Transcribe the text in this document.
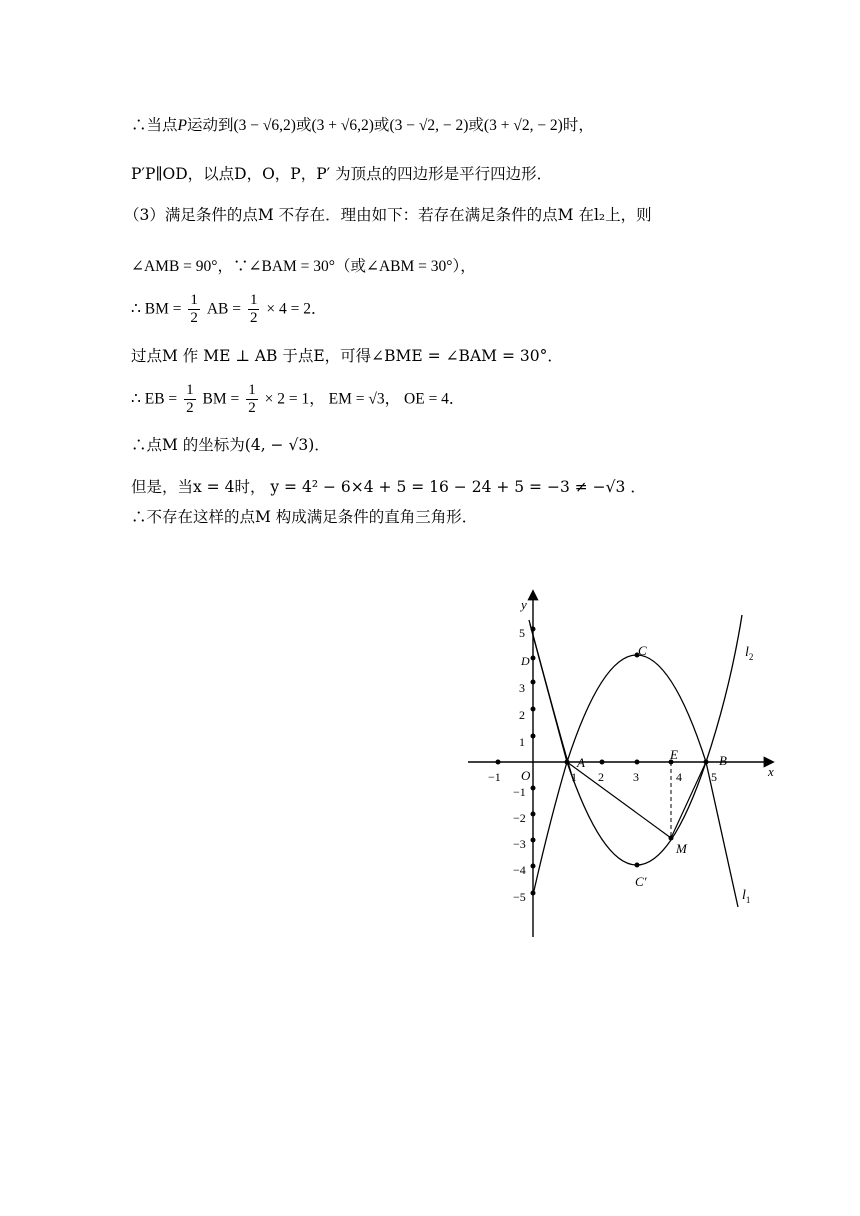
∴当点P运动到(3 − √6,2)或(3 + √6,2)或(3 − √2, − 2)或(3 + √2, − 2)时，
P′P∥OD，以点D，O，P，P′ 为顶点的四边形是平行四边形．
（3）满足条件的点M 不存在．理由如下：若存在满足条件的点M 在l₂上，则
∠AMB = 90°，∵∠BAM = 30°（或∠ABM = 30°），
∴ BM = $\frac{1}{2}$ AB = $\frac{1}{2} \times 4 = 2$．
过点M 作 ME ⊥ AB 于点E，可得∠BME = ∠BAM = 30°．
∴ EB = $\frac{1}{2}$ BM = $\frac{1}{2} \times 2 = 1$， EM = √3， OE = 4．
∴点M 的坐标为(4, − √3)．
但是，当x = 4时， y = 4² − 6×4 + 5 = 16 − 24 + 5 = −3 ≠ −√3 ．
∴不存在这样的点M 构成满足条件的直角三角形．
x
y
O
−1	1 2 3	4 5
5
D
3
2
1
−1
−2
−3
−4
−5
A	B
C
C′
E
M
$l_2$
$l_1$
